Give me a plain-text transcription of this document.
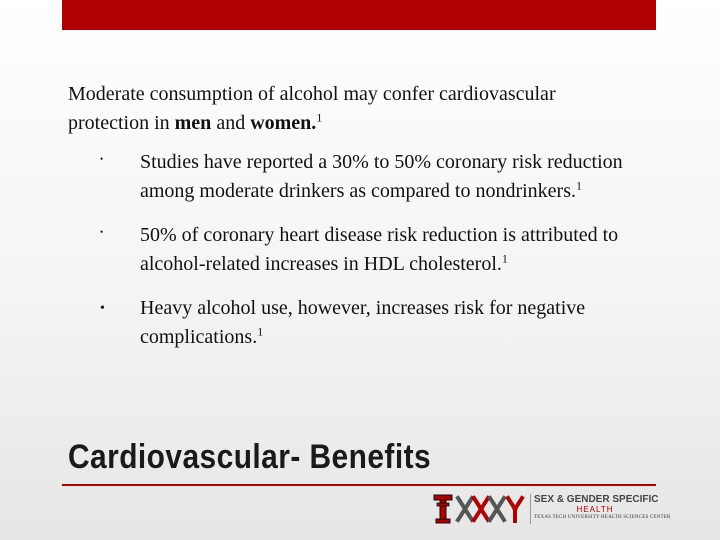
Moderate consumption of alcohol may confer cardiovascular protection in men and women.$^1$
•	Studies have reported a 30% to 50% coronary risk reduction among moderate drinkers as compared to nondrinkers.$^1$
•	50% of coronary heart disease risk reduction is attributed to alcohol-related increases in HDL cholesterol.$^1$
•	Heavy alcohol use, however, increases risk for negative complications.$^1$
Cardiovascular- Benefits
SEX & GENDER SPECIFIC
HEALTH
TEXAS TECH UNIVERSITY HEALTH SCIENCES CENTER
